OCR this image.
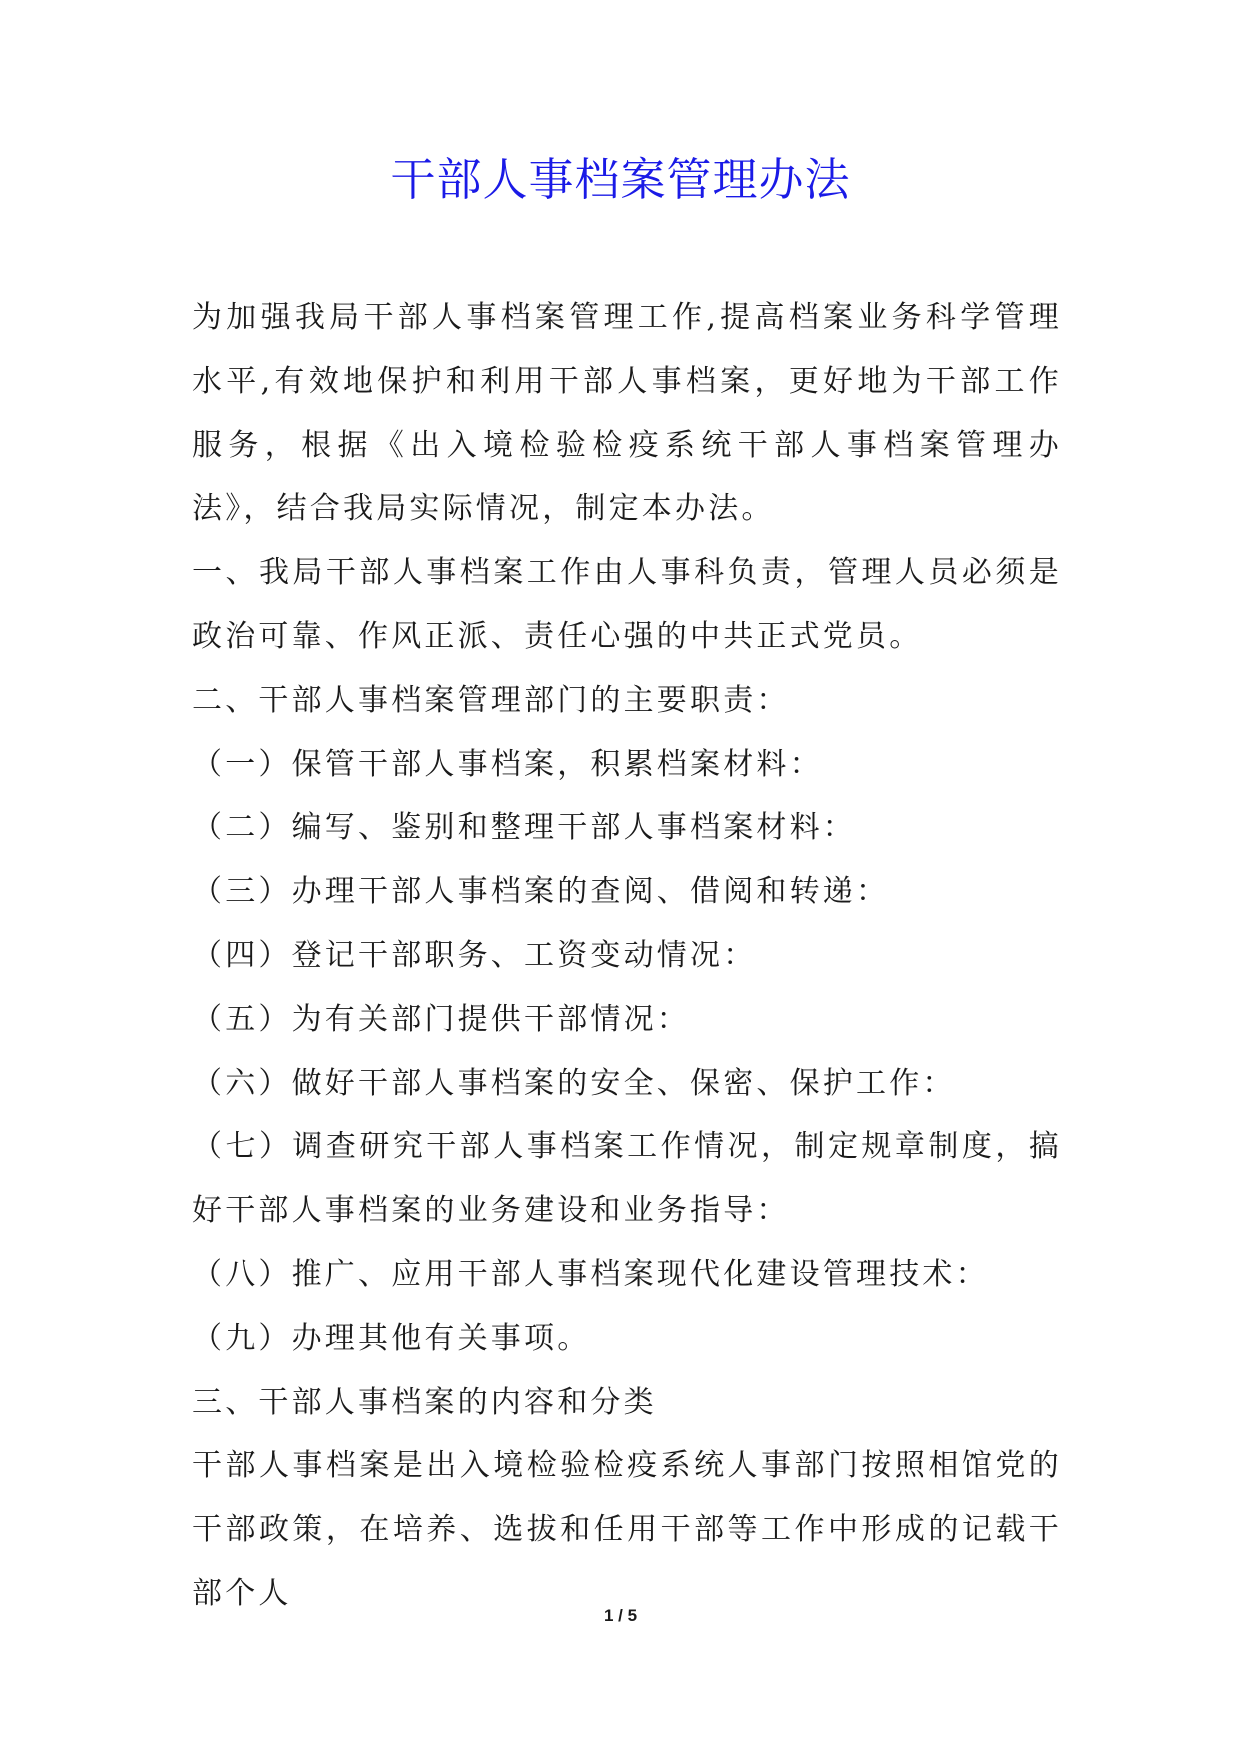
干部人事档案管理办法

为加强我局干部人事档案管理工作,提高档案业务科学管理水平,有效地保护和利用干部人事档案，更好地为干部工作服务，根据《出入境检验检疫系统干部人事档案管理办法》，结合我局实际情况，制定本办法。

一、我局干部人事档案工作由人事科负责，管理人员必须是政治可靠、作风正派、责任心强的中共正式党员。

二、干部人事档案管理部门的主要职责：

（一）保管干部人事档案，积累档案材料：

（二）编写、鉴别和整理干部人事档案材料：

（三）办理干部人事档案的查阅、借阅和转递：

（四）登记干部职务、工资变动情况：

（五）为有关部门提供干部情况：

（六）做好干部人事档案的安全、保密、保护工作：

（七）调查研究干部人事档案工作情况，制定规章制度，搞好干部人事档案的业务建设和业务指导：

（八）推广、应用干部人事档案现代化建设管理技术：

（九）办理其他有关事项。

三、干部人事档案的内容和分类

干部人事档案是出入境检验检疫系统人事部门按照相馆党的干部政策，在培养、选拔和任用干部等工作中形成的记载干部个人

1 / 5
